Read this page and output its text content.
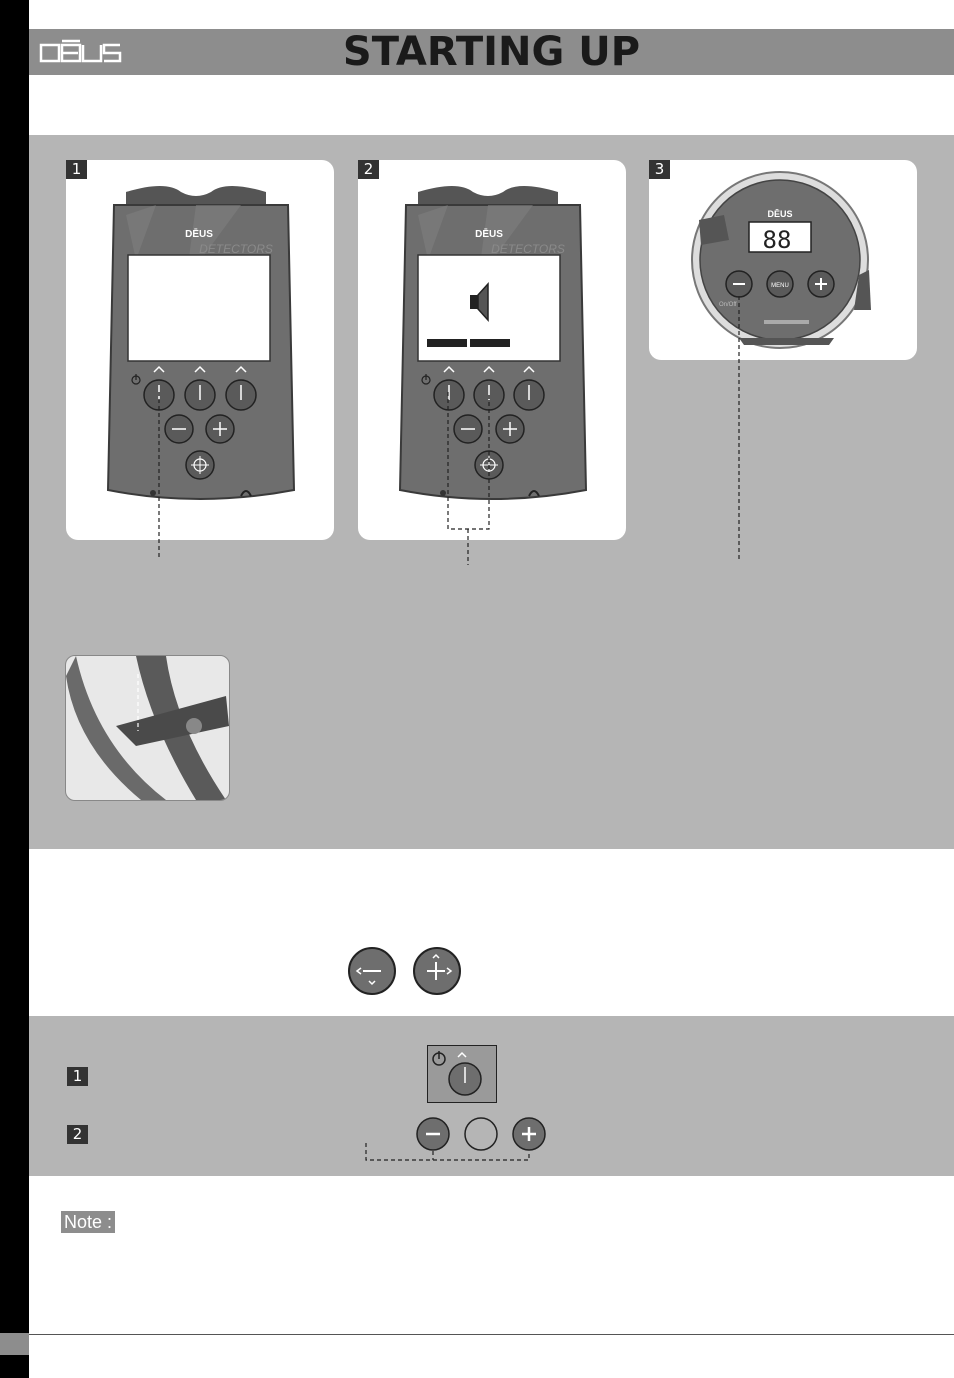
STARTING UP
1
DĒUS
DETECTORS
2
DĒUS
DETECTORS
3
DĒUS
88
MENU
On/Off
1
2
Note :
